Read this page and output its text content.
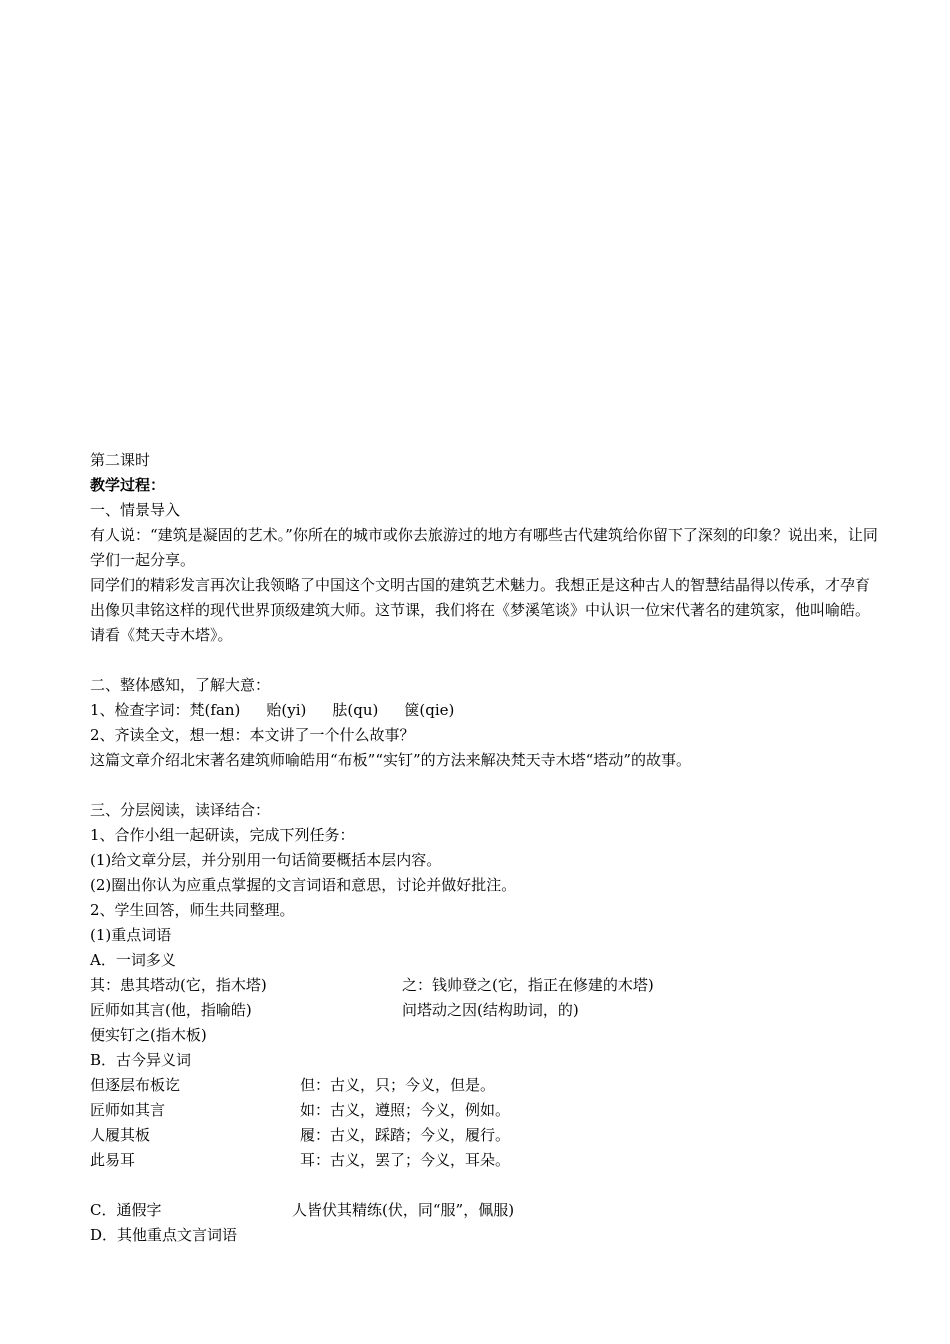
第二课时
教学过程：
一、情景导入
有人说：“建筑是凝固的艺术。”你所在的城市或你去旅游过的地方有哪些古代建筑给你留下了深刻的印象？说出来，让同学们一起分享。
同学们的精彩发言再次让我领略了中国这个文明古国的建筑艺术魅力。我想正是这种古人的智慧结晶得以传承，才孕育出像贝聿铭这样的现代世界顶级建筑大师。这节课，我们将在《梦溪笔谈》中认识一位宋代著名的建筑家，他叫喻皓。请看《梵天寺木塔》。
二、整体感知，了解大意：
1、检查字词：梵(fan) 贻(yi) 胠(qu) 箧(qie)
2、齐读全文，想一想：本文讲了一个什么故事？
这篇文章介绍北宋著名建筑师喻皓用“布板”“实钉”的方法来解决梵天寺木塔“塔动”的故事。
三、分层阅读，读译结合：
1、合作小组一起研读，完成下列任务：
(1)给文章分层，并分别用一句话简要概括本层内容。
(2)圈出你认为应重点掌握的文言词语和意思，讨论并做好批注。
2、学生回答，师生共同整理。
(1)重点词语
A．一词多义
其：患其塔动(它，指木塔)	之：钱帅登之(它，指正在修建的木塔)
匠师如其言(他，指喻皓)	问塔动之因(结构助词，的)
便实钉之(指木板)
B．古今异义词
但逐层布板讫	但：古义，只；今义，但是。
匠师如其言	如：古义，遵照；今义，例如。
人履其板	履：古义，踩踏；今义，履行。
此易耳	耳：古义，罢了；今义，耳朵。
C．通假字	人皆伏其精练(伏，同“服”，佩服)
D．其他重点文言词语
